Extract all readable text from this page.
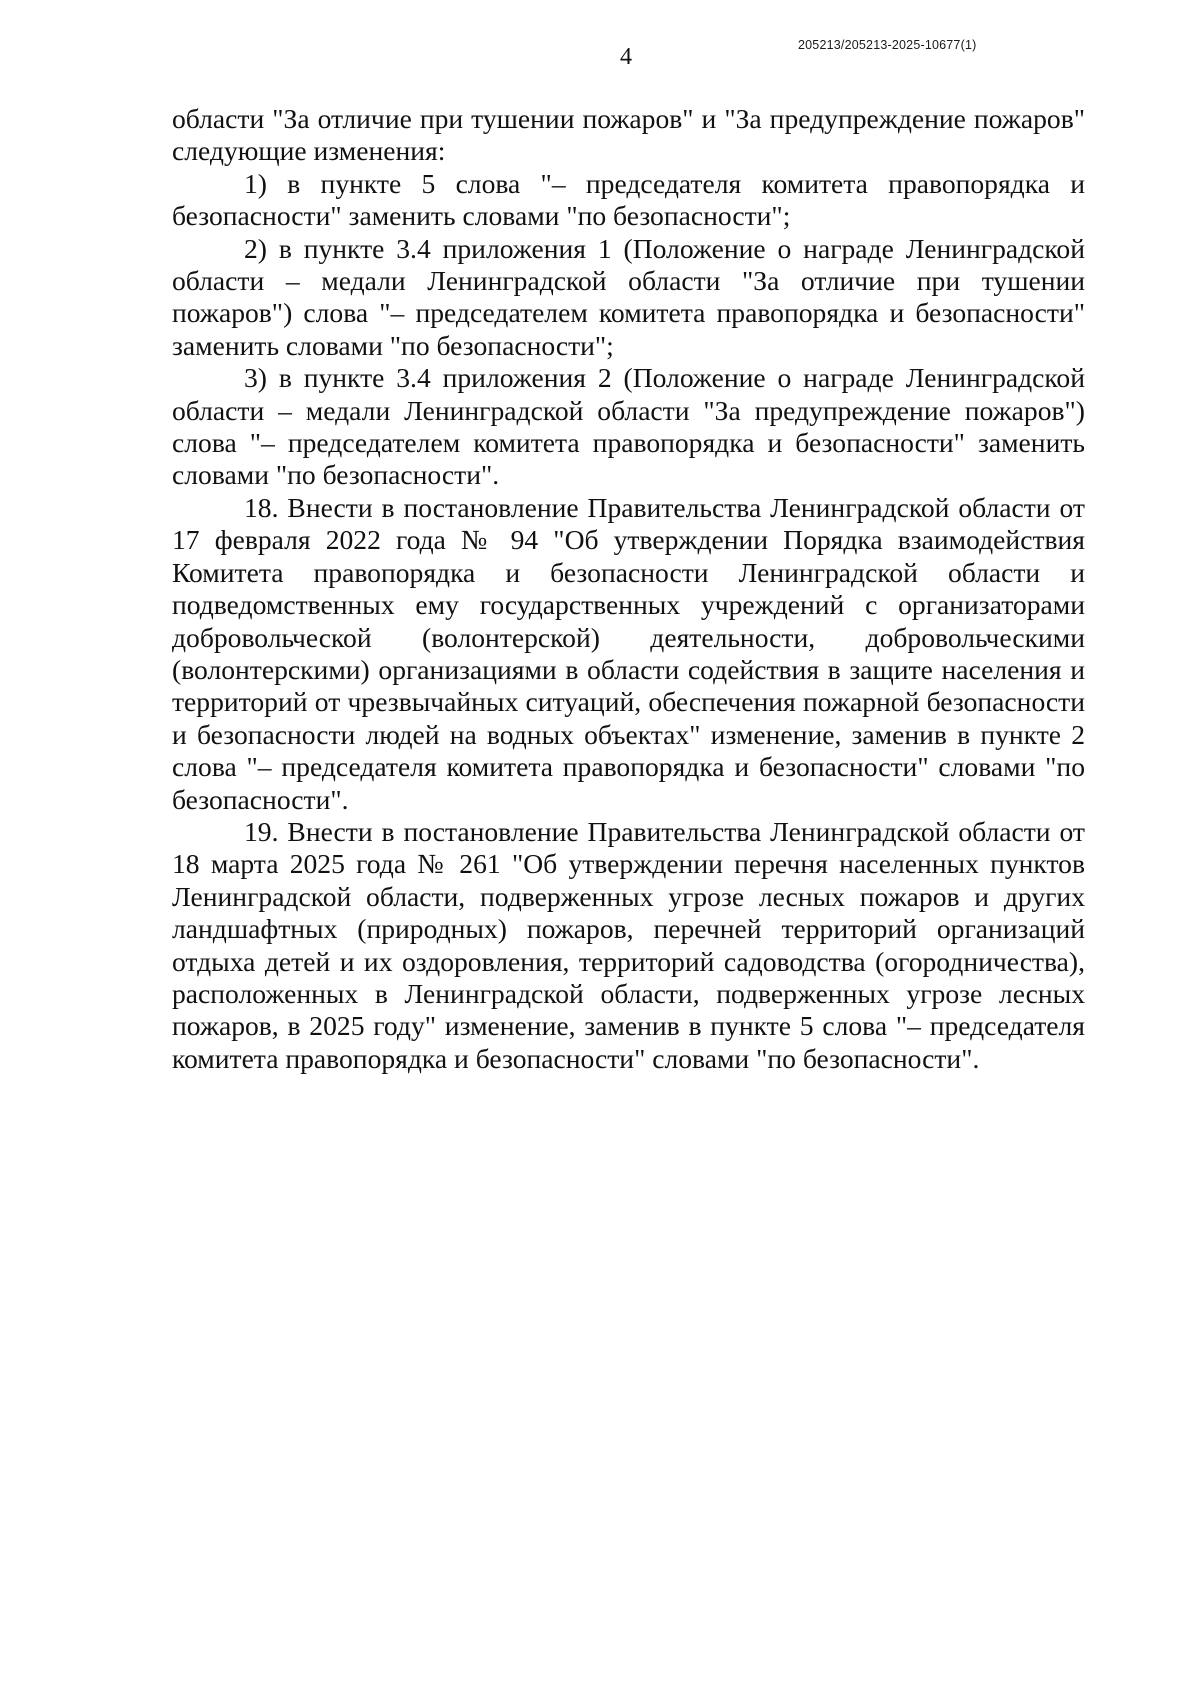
205213/205213-2025-10677(1)
4

области "За отличие при тушении пожаров" и "За предупреждение пожаров" следующие изменения:

1) в пункте 5 слова "– председателя комитета правопорядка и безопасности" заменить словами "по безопасности";

2) в пункте 3.4 приложения 1 (Положение о награде Ленинградской области – медали Ленинградской области "За отличие при тушении пожаров") слова "– председателем комитета правопорядка и безопасности" заменить словами "по безопасности";

3) в пункте 3.4 приложения 2 (Положение о награде Ленинградской области – медали Ленинградской области "За предупреждение пожаров") слова "– председателем комитета правопорядка и безопасности" заменить словами "по безопасности".

18. Внести в постановление Правительства Ленинградской области от 17 февраля 2022 года № 94 "Об утверждении Порядка взаимодействия Комитета правопорядка и безопасности Ленинградской области и подведомственных ему государственных учреждений с организаторами добровольческой (волонтерской) деятельности, добровольческими (волонтерскими) организациями в области содействия в защите населения и территорий от чрезвычайных ситуаций, обеспечения пожарной безопасности и безопасности людей на водных объектах" изменение, заменив в пункте 2 слова "– председателя комитета правопорядка и безопасности" словами "по безопасности".

19. Внести в постановление Правительства Ленинградской области от 18 марта 2025 года № 261 "Об утверждении перечня населенных пунктов Ленинградской области, подверженных угрозе лесных пожаров и других ландшафтных (природных) пожаров, перечней территорий организаций отдыха детей и их оздоровления, территорий садоводства (огородничества), расположенных в Ленинградской области, подверженных угрозе лесных пожаров, в 2025 году" изменение, заменив в пункте 5 слова "– председателя комитета правопорядка и безопасности" словами "по безопасности".
